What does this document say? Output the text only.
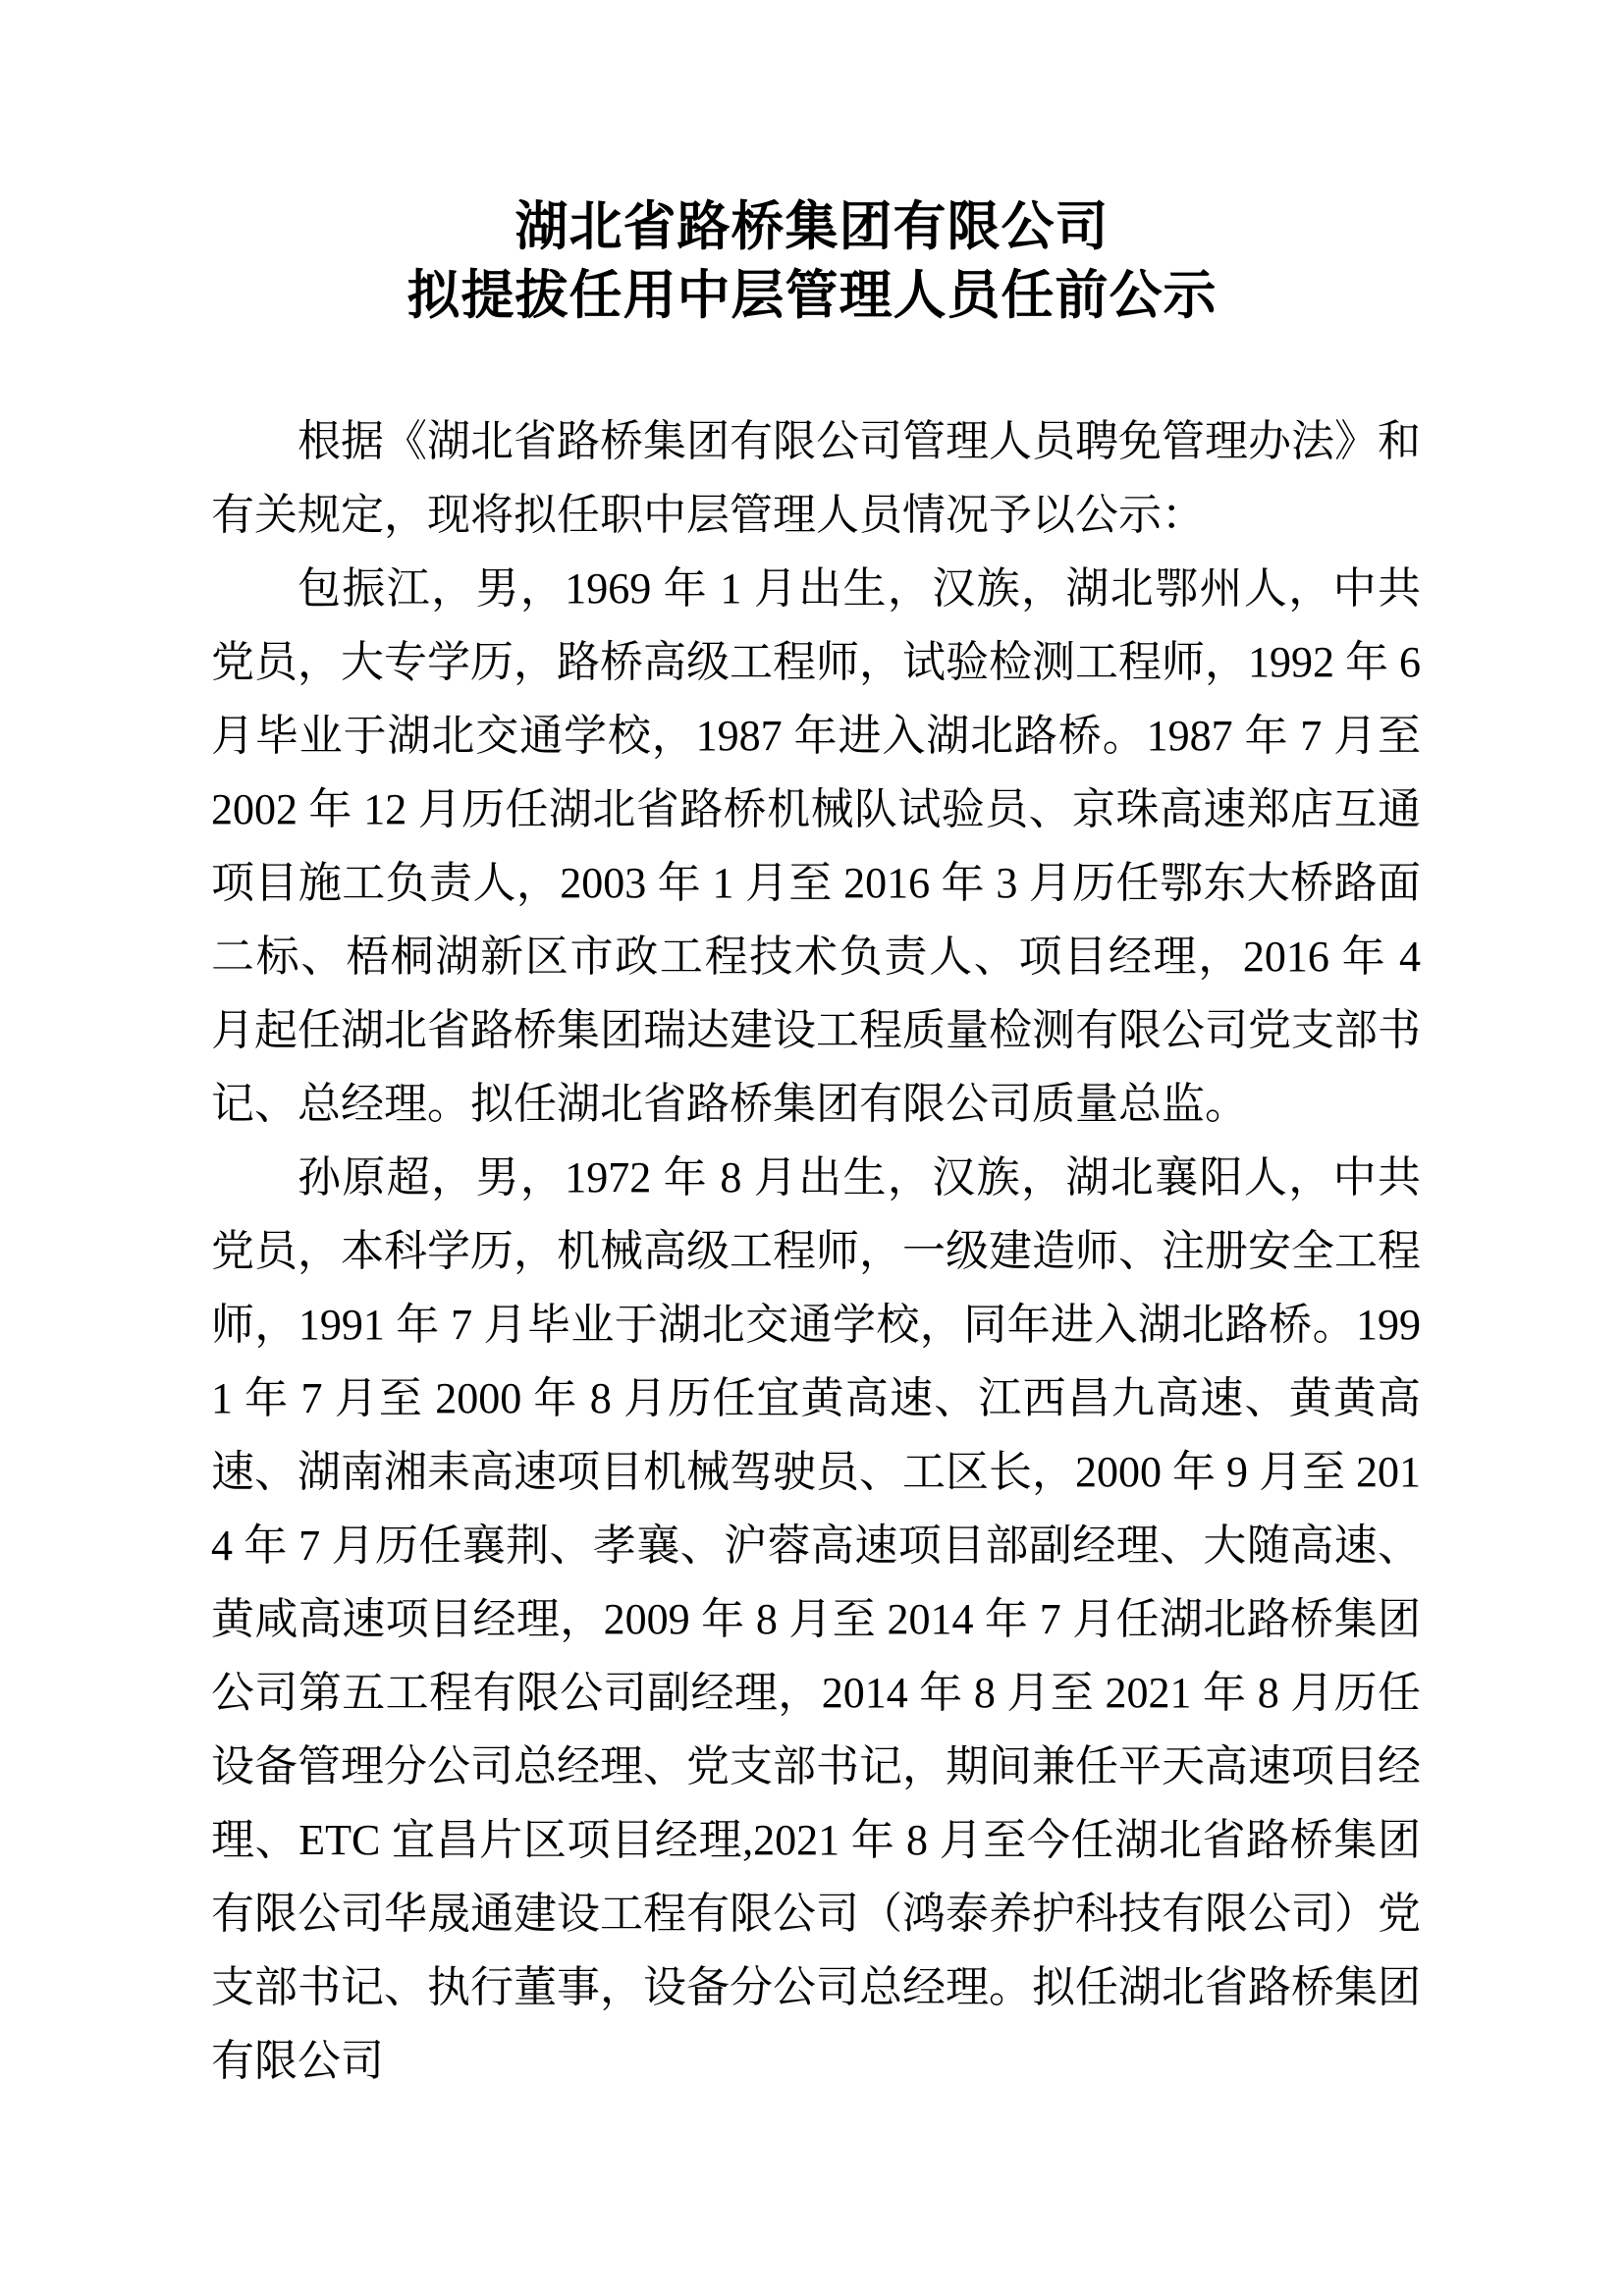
湖北省路桥集团有限公司
拟提拔任用中层管理人员任前公示

根据《湖北省路桥集团有限公司管理人员聘免管理办法》和有关规定，现将拟任职中层管理人员情况予以公示：

包振江，男，1969 年 1 月出生，汉族，湖北鄂州人，中共党员，大专学历，路桥高级工程师，试验检测工程师，1992 年 6 月毕业于湖北交通学校，1987 年进入湖北路桥。1987 年 7 月至 2002 年 12 月历任湖北省路桥机械队试验员、京珠高速郑店互通项目施工负责人，2003 年 1 月至 2016 年 3 月历任鄂东大桥路面二标、梧桐湖新区市政工程技术负责人、项目经理，2016 年 4 月起任湖北省路桥集团瑞达建设工程质量检测有限公司党支部书记、总经理。拟任湖北省路桥集团有限公司质量总监。

孙原超，男，1972 年 8 月出生，汉族，湖北襄阳人，中共党员，本科学历，机械高级工程师，一级建造师、注册安全工程师，1991 年 7 月毕业于湖北交通学校，同年进入湖北路桥。1991 年 7 月至 2000 年 8 月历任宜黄高速、江西昌九高速、黄黄高速、湖南湘耒高速项目机械驾驶员、工区长，2000 年 9 月至 2014 年 7 月历任襄荆、孝襄、沪蓉高速项目部副经理、大随高速、黄咸高速项目经理，2009 年 8 月至 2014 年 7 月任湖北路桥集团公司第五工程有限公司副经理，2014 年 8 月至 2021 年 8 月历任设备管理分公司总经理、党支部书记，期间兼任平天高速项目经理、ETC 宜昌片区项目经理,2021 年 8 月至今任湖北省路桥集团有限公司华晟通建设工程有限公司（鸿泰养护科技有限公司）党支部书记、执行董事，设备分公司总经理。拟任湖北省路桥集团有限公司
